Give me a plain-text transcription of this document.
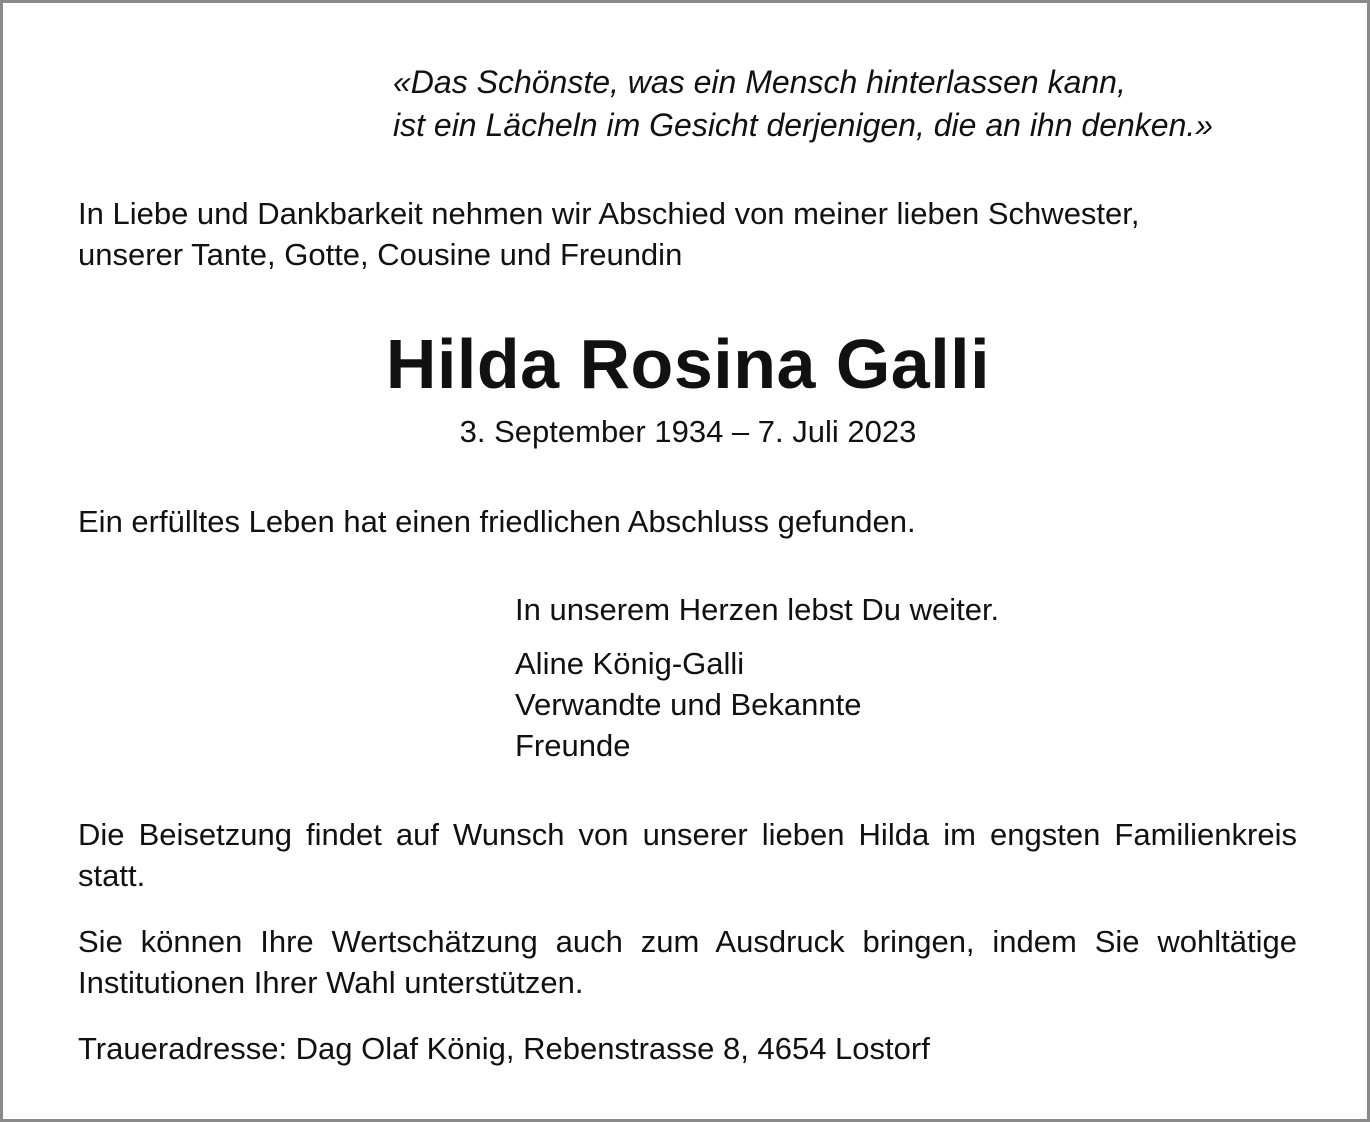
«Das Schönste, was ein Mensch hinterlassen kann,
ist ein Lächeln im Gesicht derjenigen, die an ihn denken.»
In Liebe und Dankbarkeit nehmen wir Abschied von meiner lieben Schwester,
unserer Tante, Gotte, Cousine und Freundin
Hilda Rosina Galli
3. September 1934 – 7. Juli 2023

Ein erfülltes Leben hat einen friedlichen Abschluss gefunden.

In unserem Herzen lebst Du weiter.
Aline König-Galli
Verwandte und Bekannte
Freunde

Die Beisetzung findet auf Wunsch von unserer lieben Hilda im engsten Familienkreis statt.

Sie können Ihre Wertschätzung auch zum Ausdruck bringen, indem Sie wohltätige Institutionen Ihrer Wahl unterstützen.

Traueradresse: Dag Olaf König, Rebenstrasse 8, 4654 Lostorf
